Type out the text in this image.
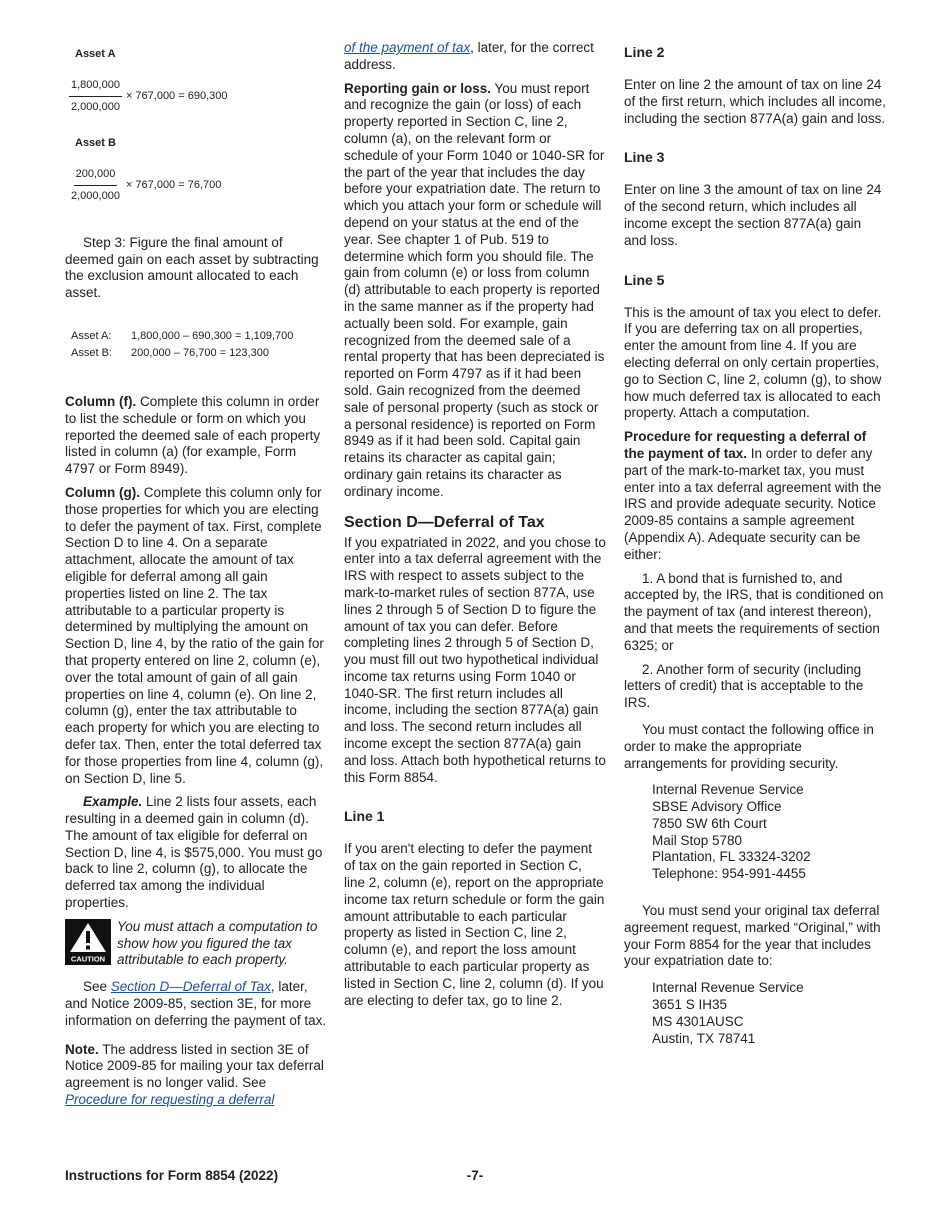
Asset A
$\frac{1,800,000}{2,000,000} \times 767,000 = 690,300$
Asset B
$\frac{200,000}{2,000,000} \times 767,000 = 76,700$

Step 3: Figure the final amount of deemed gain on each asset by subtracting the exclusion amount allocated to each asset.

Asset A: 1,800,000 – 690,300 = 1,109,700
Asset B: 200,000 – 76,700 = 123,300

Column (f). Complete this column in order to list the schedule or form on which you reported the deemed sale of each property listed in column (a) (for example, Form 4797 or Form 8949).

Column (g). Complete this column only for those properties for which you are electing to defer the payment of tax. First, complete Section D to line 4. On a separate attachment, allocate the amount of tax eligible for deferral among all gain properties listed on line 2. The tax attributable to a particular property is determined by multiplying the amount on Section D, line 4, by the ratio of the gain for that property entered on line 2, column (e), over the total amount of gain of all gain properties on line 4, column (e). On line 2, column (g), enter the tax attributable to each property for which you are electing to defer tax. Then, enter the total deferred tax for those properties from line 4, column (g), on Section D, line 5.

Example. Line 2 lists four assets, each resulting in a deemed gain in column (d). The amount of tax eligible for deferral on Section D, line 4, is $575,000. You must go back to line 2, column (g), to allocate the deferred tax among the individual properties.

CAUTION
You must attach a computation to show how you figured the tax attributable to each property.

See Section D—Deferral of Tax, later, and Notice 2009-85, section 3E, for more information on deferring the payment of tax.

Note. The address listed in section 3E of Notice 2009-85 for mailing your tax deferral agreement is no longer valid. See Procedure for requesting a deferral

of the payment of tax, later, for the correct address.

Reporting gain or loss. You must report and recognize the gain (or loss) of each property reported in Section C, line 2, column (a), on the relevant form or schedule of your Form 1040 or 1040-SR for the part of the year that includes the day before your expatriation date. The return to which you attach your form or schedule will depend on your status at the end of the year. See chapter 1 of Pub. 519 to determine which form you should file. The gain from column (e) or loss from column (d) attributable to each property is reported in the same manner as if the property had actually been sold. For example, gain recognized from the deemed sale of a rental property that has been depreciated is reported on Form 4797 as if it had been sold. Gain recognized from the deemed sale of personal property (such as stock or a personal residence) is reported on Form 8949 as if it had been sold. Capital gain retains its character as capital gain; ordinary gain retains its character as ordinary income.

Section D—Deferral of Tax

If you expatriated in 2022, and you chose to enter into a tax deferral agreement with the IRS with respect to assets subject to the mark-to-market rules of section 877A, use lines 2 through 5 of Section D to figure the amount of tax you can defer. Before completing lines 2 through 5 of Section D, you must fill out two hypothetical individual income tax returns using Form 1040 or 1040-SR. The first return includes all income, including the section 877A(a) gain and loss. The second return includes all income except the section 877A(a) gain and loss. Attach both hypothetical returns to this Form 8854.

Line 1

If you aren't electing to defer the payment of tax on the gain reported in Section C, line 2, column (e), report on the appropriate income tax return schedule or form the gain amount attributable to each particular property as listed in Section C, line 2, column (e), and report the loss amount attributable to each particular property as listed in Section C, line 2, column (d). If you are electing to defer tax, go to line 2.

Line 2

Enter on line 2 the amount of tax on line 24 of the first return, which includes all income, including the section 877A(a) gain and loss.

Line 3

Enter on line 3 the amount of tax on line 24 of the second return, which includes all income except the section 877A(a) gain and loss.

Line 5

This is the amount of tax you elect to defer. If you are deferring tax on all properties, enter the amount from line 4. If you are electing deferral on only certain properties, go to Section C, line 2, column (g), to show how much deferred tax is allocated to each property. Attach a computation.

Procedure for requesting a deferral of the payment of tax. In order to defer any part of the mark-to-market tax, you must enter into a tax deferral agreement with the IRS and provide adequate security. Notice 2009-85 contains a sample agreement (Appendix A). Adequate security can be either:

1. A bond that is furnished to, and accepted by, the IRS, that is conditioned on the payment of tax (and interest thereon), and that meets the requirements of section 6325; or

2. Another form of security (including letters of credit) that is acceptable to the IRS.

You must contact the following office in order to make the appropriate arrangements for providing security.

Internal Revenue Service
SBSE Advisory Office
7850 SW 6th Court
Mail Stop 5780
Plantation, FL 33324-3202
Telephone: 954-991-4455

You must send your original tax deferral agreement request, marked “Original,” with your Form 8854 for the year that includes your expatriation date to:

Internal Revenue Service
3651 S IH35
MS 4301AUSC
Austin, TX 78741
-7-
Instructions for Form 8854 (2022)
